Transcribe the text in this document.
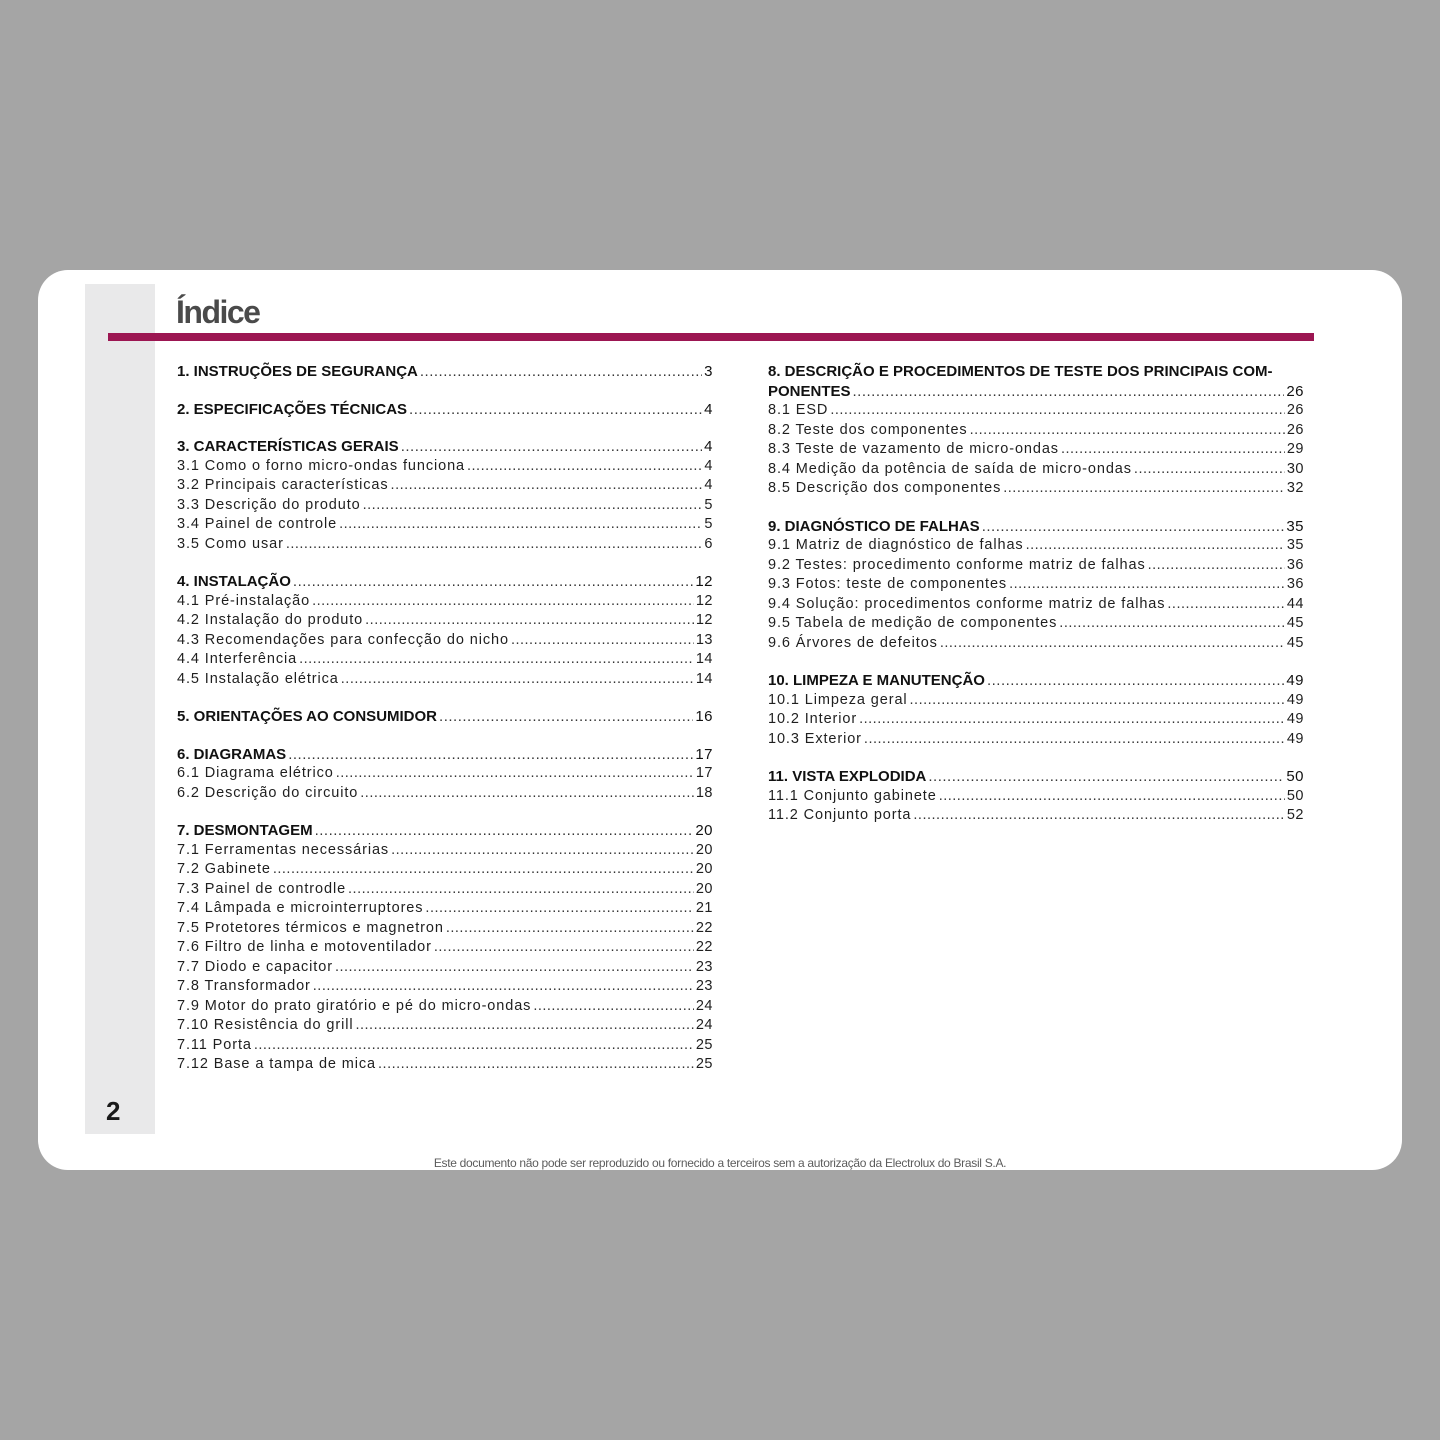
2
Índice
1. INSTRUÇÕES DE SEGURANÇA .....	3
2. ESPECIFICAÇÕES TÉCNICAS .....	4
3. CARACTERÍSTICAS GERAIS .....	4
3.1 Como o forno micro-ondas funciona .....	4
3.2 Principais características .....	4
3.3 Descrição do produto .....	5
3.4 Painel de controle .....	5
3.5 Como usar .....	6
4. INSTALAÇÃO .....	12
4.1 Pré-instalação .....	12
4.2 Instalação do produto .....	12
4.3 Recomendações para confecção do nicho .....	13
4.4 Interferência .....	14
4.5 Instalação elétrica .....	14
5. ORIENTAÇÕES AO CONSUMIDOR .....	16
6. DIAGRAMAS .....	17
6.1 Diagrama elétrico .....	17
6.2 Descrição do circuito .....	18
7. DESMONTAGEM .....	20
7.1 Ferramentas necessárias .....	20
7.2 Gabinete .....	20
7.3 Painel de controdle .....	20
7.4 Lâmpada e microinterruptores .....	21
7.5 Protetores térmicos e magnetron .....	22
7.6 Filtro de linha e motoventilador .....	22
7.7 Diodo e capacitor .....	23
7.8 Transformador .....	23
7.9 Motor do prato giratório e pé do micro-ondas .....	24
7.10 Resistência do grill .....	24
7.11 Porta .....	25
7.12 Base a tampa de mica .....	25
8. DESCRIÇÃO E PROCEDIMENTOS DE TESTE DOS PRINCIPAIS COM-
PONENTES .....	26
8.1 ESD .....	26
8.2 Teste dos componentes .....	26
8.3 Teste de vazamento de micro-ondas .....	29
8.4 Medição da potência de saída de micro-ondas .....	30
8.5 Descrição dos componentes .....	32
9. DIAGNÓSTICO DE FALHAS .....	35
9.1 Matriz de diagnóstico de falhas .....	35
9.2 Testes: procedimento conforme matriz de falhas .....	36
9.3 Fotos: teste de componentes .....	36
9.4 Solução: procedimentos conforme matriz de falhas .....	44
9.5 Tabela de medição de componentes .....	45
9.6 Árvores de defeitos .....	45
10. LIMPEZA E MANUTENÇÃO .....	49
10.1 Limpeza geral .....	49
10.2 Interior .....	49
10.3 Exterior .....	49
11. VISTA EXPLODIDA .....	50
11.1 Conjunto gabinete .....	50
11.2 Conjunto porta .....	52
Este documento não pode ser reproduzido ou fornecido a terceiros sem a autorização da Electrolux do Brasil S.A.
